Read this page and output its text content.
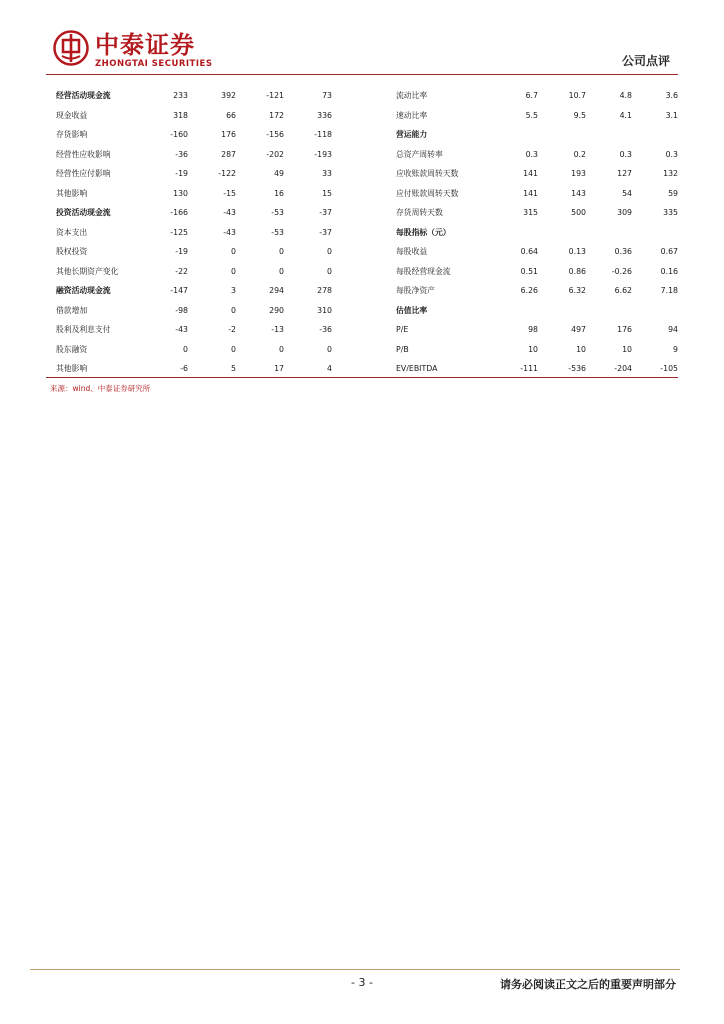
中泰证券
ZHONGTAI SECURITIES	公司点评
经营活动现金流	233	392	-121	73		流动比率	6.7	10.7	4.8	3.6
现金收益	318	66	172	336		速动比率	5.5	9.5	4.1	3.1
存货影响	-160	176	-156	-118		营运能力				
经营性应收影响	-36	287	-202	-193		总资产周转率	0.3	0.2	0.3	0.3
经营性应付影响	-19	-122	49	33		应收账款周转天数	141	193	127	132
其他影响	130	-15	16	15		应付账款周转天数	141	143	54	59
投资活动现金流	-166	-43	-53	-37		存货周转天数	315	500	309	335
资本支出	-125	-43	-53	-37		每股指标（元）				
股权投资	-19	0	0	0		每股收益	0.64	0.13	0.36	0.67
其他长期资产变化	-22	0	0	0		每股经营现金流	0.51	0.86	-0.26	0.16
融资活动现金流	-147	3	294	278		每股净资产	6.26	6.32	6.62	7.18
借款增加	-98	0	290	310		估值比率				
股利及利息支付	-43	-2	-13	-36		P/E	98	497	176	94
股东融资	0	0	0	0		P/B	10	10	10	9
其他影响	-6	5	17	4		EV/EBITDA	-111	-536	-204	-105
来源：wind、中泰证券研究所
- 3 -	请务必阅读正文之后的重要声明部分
